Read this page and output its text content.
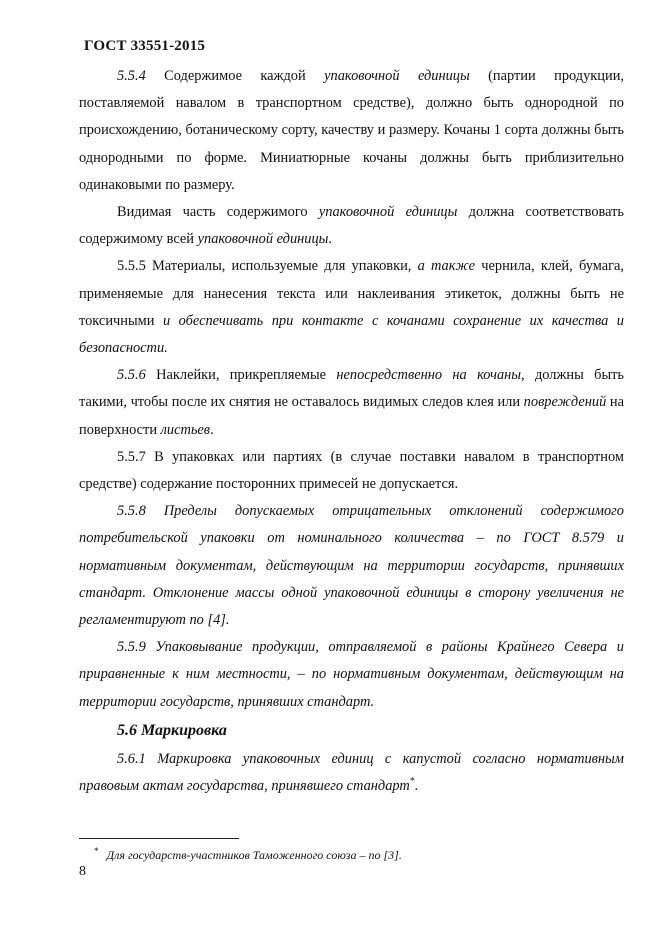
ГОСТ 33551-2015

5.5.4 Содержимое каждой упаковочной единицы (партии продукции, поставляемой навалом в транспортном средстве), должно быть однородной по происхождению, ботаническому сорту, качеству и размеру. Кочаны 1 сорта должны быть однородными по форме. Миниатюрные кочаны должны быть приблизительно одинаковыми по размеру.

Видимая часть содержимого упаковочной единицы должна соответствовать содержимому всей упаковочной единицы.

5.5.5 Материалы, используемые для упаковки, а также чернила, клей, бумага, применяемые для нанесения текста или наклеивания этикеток, должны быть не токсичными и обеспечивать при контакте с кочанами сохранение их качества и безопасности.

5.5.6 Наклейки, прикрепляемые непосредственно на кочаны, должны быть такими, чтобы после их снятия не оставалось видимых следов клея или повреждений на поверхности листьев.

5.5.7 В упаковках или партиях (в случае поставки навалом в транспортном средстве) содержание посторонних примесей не допускается.

5.5.8 Пределы допускаемых отрицательных отклонений содержимого потребительской упаковки от номинального количества – по ГОСТ 8.579 и нормативным документам, действующим на территории государств, принявших стандарт. Отклонение массы одной упаковочной единицы в сторону увеличения не регламентируют по [4].

5.5.9 Упаковывание продукции, отправляемой в районы Крайнего Севера и приравненные к ним местности, – по нормативным документам, действующим на территории государств, принявших стандарт.

5.6 Маркировка

5.6.1 Маркировка упаковочных единиц с капустой согласно нормативным правовым актам государства, принявшего стандарт*.

* Для государств-участников Таможенного союза – по [3].
8
